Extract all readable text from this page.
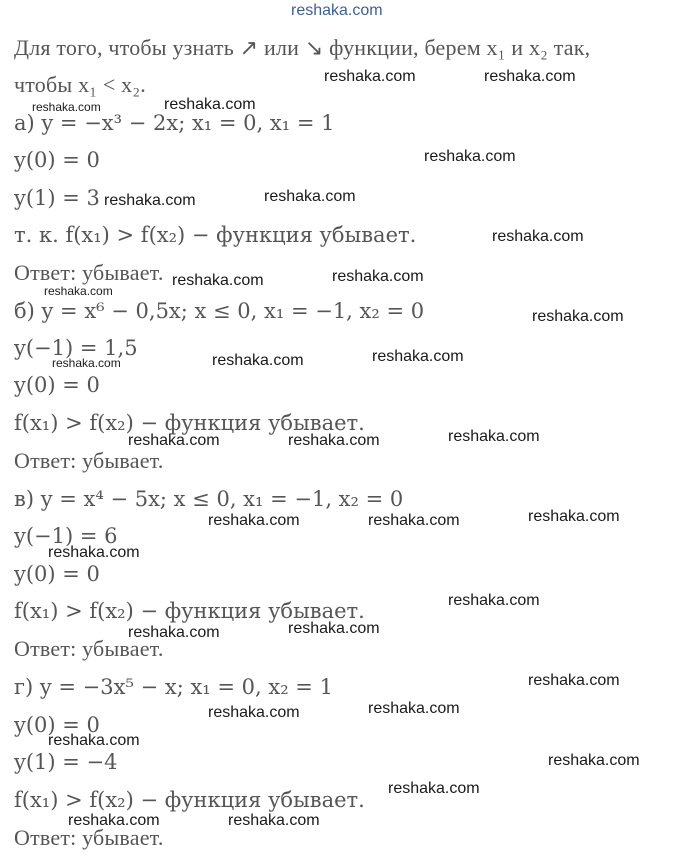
reshaka.com
Для того, чтобы узнать ↗ или ↘ функции, берем x₁ и x₂ так,
чтобы x₁ < x₂.
а) y = −x³ − 2x; x₁ = 0, x₁ = 1
y(0) = 0
y(1) = 3
т. к. f(x₁) > f(x₂) − функция убывает.
Ответ: убывает.
б) y = x⁶ − 0,5x; x ≤ 0, x₁ = −1, x₂ = 0
y(−1) = 1,5
y(0) = 0
f(x₁) > f(x₂) − функция убывает.
Ответ: убывает.
в) y = x⁴ − 5x; x ≤ 0, x₁ = −1, x₂ = 0
y(−1) = 6
y(0) = 0
f(x₁) > f(x₂) − функция убывает.
Ответ: убывает.
г) y = −3x⁵ − x; x₁ = 0, x₂ = 1
y(0) = 0
y(1) = −4
f(x₁) > f(x₂) − функция убывает.
Ответ: убывает.
reshaka.com	reshaka.com
reshaka.com	reshaka.com
reshaka.com
reshaka.com	reshaka.com
reshaka.com
reshaka.com	reshaka.com
reshaka.com
reshaka.com
reshaka.com	reshaka.com	reshaka.com
reshaka.com	reshaka.com	reshaka.com
reshaka.com	reshaka.com	reshaka.com
reshaka.com
reshaka.com
reshaka.com	reshaka.com
reshaka.com
reshaka.com	reshaka.com
reshaka.com
reshaka.com
reshaka.com
reshaka.com	reshaka.com
